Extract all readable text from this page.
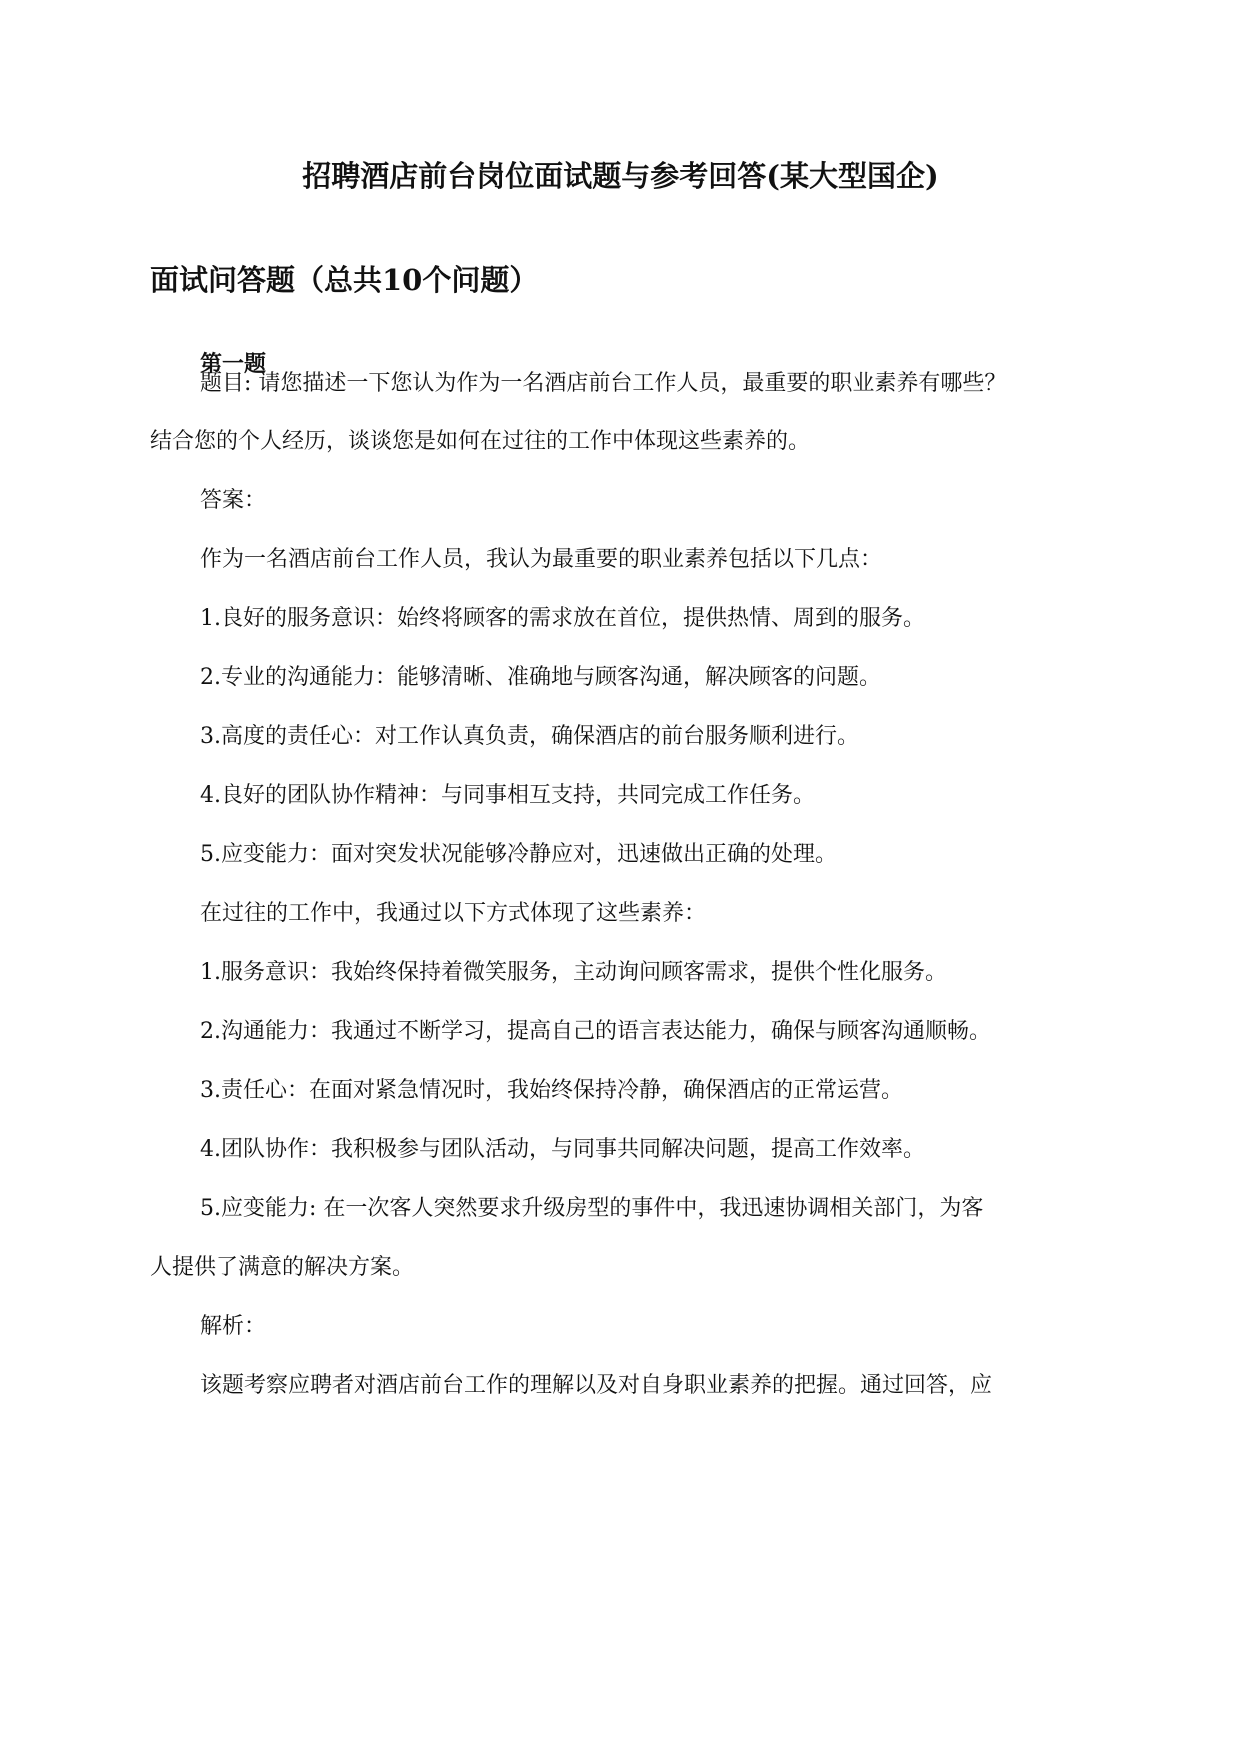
招聘酒店前台岗位面试题与参考回答(某大型国企)
面试问答题（总共10个问题）
第一题

题目: 请您描述一下您认为作为一名酒店前台工作人员，最重要的职业素养有哪些？

结合您的个人经历，谈谈您是如何在过往的工作中体现这些素养的。

答案：

作为一名酒店前台工作人员，我认为最重要的职业素养包括以下几点：

1.良好的服务意识：始终将顾客的需求放在首位，提供热情、周到的服务。

2.专业的沟通能力：能够清晰、准确地与顾客沟通，解决顾客的问题。

3.高度的责任心：对工作认真负责，确保酒店的前台服务顺利进行。

4.良好的团队协作精神：与同事相互支持，共同完成工作任务。

5.应变能力：面对突发状况能够冷静应对，迅速做出正确的处理。

在过往的工作中，我通过以下方式体现了这些素养：

1.服务意识：我始终保持着微笑服务，主动询问顾客需求，提供个性化服务。

2.沟通能力：我通过不断学习，提高自己的语言表达能力，确保与顾客沟通顺畅。

3.责任心：在面对紧急情况时，我始终保持冷静，确保酒店的正常运营。

4.团队协作：我积极参与团队活动，与同事共同解决问题，提高工作效率。

5.应变能力: 在一次客人突然要求升级房型的事件中，我迅速协调相关部门，为客

人提供了满意的解决方案。

解析：

该题考察应聘者对酒店前台工作的理解以及对自身职业素养的把握。通过回答，应
